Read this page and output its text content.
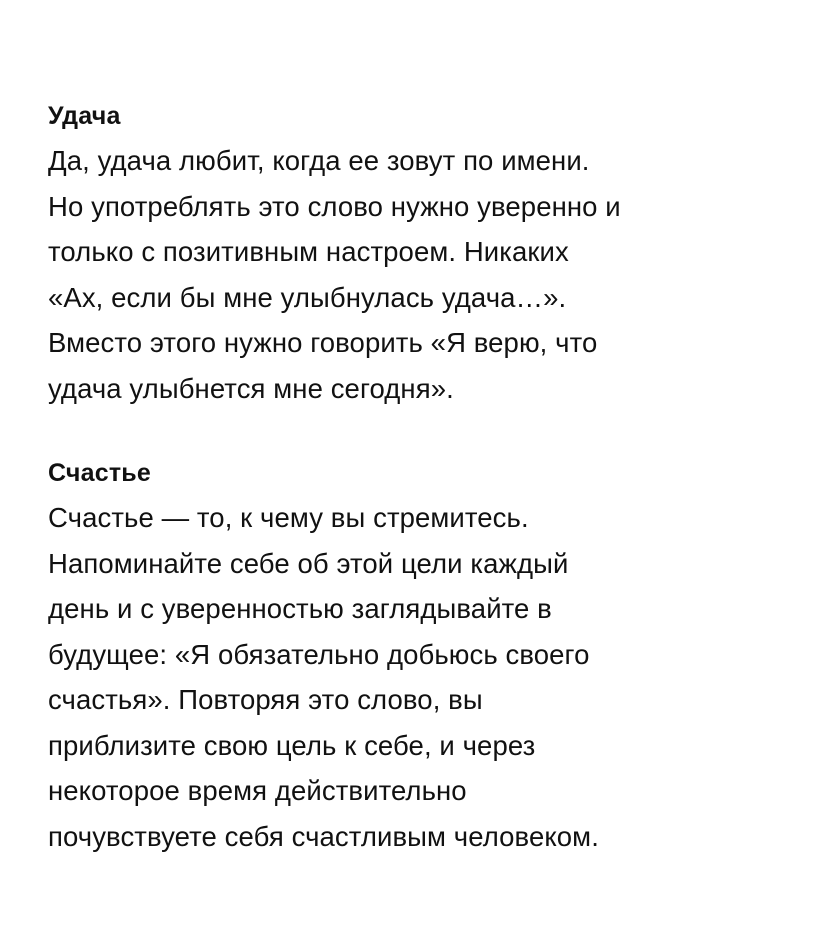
Удача
Да, удача любит, когда ее зовут по имени.
Но употреблять это слово нужно уверенно и
только с позитивным настроем. Никаких
«Ах, если бы мне улыбнулась удача…».
Вместо этого нужно говорить «Я верю, что
удача улыбнется мне сегодня».
Счастье
Счастье — то, к чему вы стремитесь.
Напоминайте себе об этой цели каждый
день и с уверенностью заглядывайте в
будущее: «Я обязательно добьюсь своего
счастья». Повторяя это слово, вы
приблизите свою цель к себе, и через
некоторое время действительно
почувствуете себя счастливым человеком.
